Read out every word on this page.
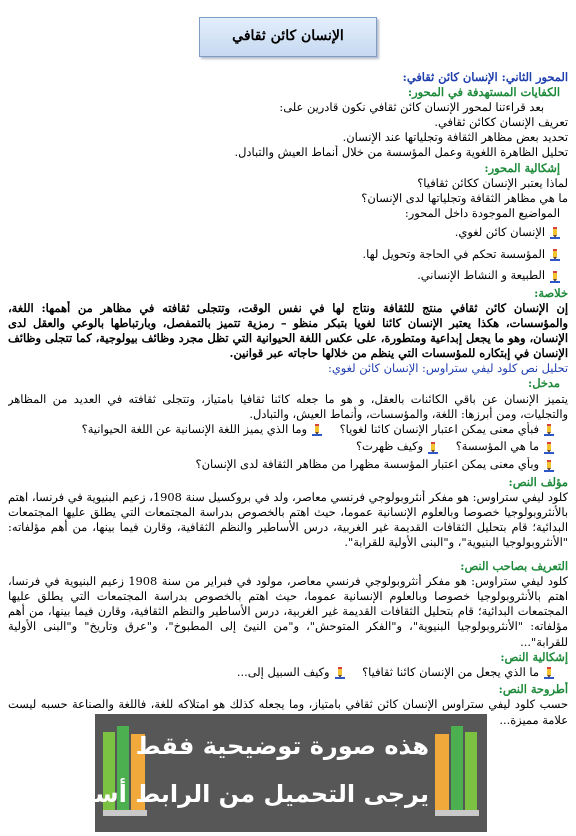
الإنسان كائن ثقافي

المحور الثاني: الإنسان كائن ثقافي:

الكفايات المستهدفة في المحور:

بعد قراءتنا لمحور الإنسان كائن ثقافي نكون قادرين على:

تعريف الإنسان ككائن ثقافي.

تحديد بعض مظاهر الثقافة وتجلياتها عند الإنسان.

تحليل الظاهرة اللغوية وعمل المؤسسة من خلال أنماط العيش والتبادل.

إشكالية المحور:

لماذا يعتبر الإنسان ككائن ثقافيا؟

ما هي مظاهر الثقافة وتجلياتها لدى الإنسان؟

المواضيع الموجودة داخل المحور:

الإنسان كائن لغوي.

المؤسسة تحكم في الحاجة وتحويل لها.

الطبيعة و النشاط الإنساني.

خلاصة:

إن الإنسان كائن ثقافي منتج للثقافة ونتاج لها في نفس الوقت، وتتجلى ثقافته في مظاهر من أهمها: اللغة، والمؤسسات، هكذا يعتبر الإنسان كائنا لغويا بتبكر منظو – رمزية تتميز بالتمفصل، وبارتباطها بالوعي والعقل لدى الإنسان، وهو ما يجعل إبداعية ومتطورة، على عكس اللغة الحيوانية التي تظل مجرد وظائف بيولوجية، كما تتجلى وظائف الإنسان في إبتكاره للمؤسسات التي ينظم من خلالها حاجاته عبر قوانين.

تحليل نص كلود ليفي ستراوس: الإنسان كائن لغوي:

مدخل:

يتميز الإنسان عن باقي الكائنات بالعقل، و هو ما جعله كائنا ثقافيا بامتياز، وتتجلى ثقافته في العديد من المظاهر والتجليات، ومن أبرزها: اللغة، والمؤسسات، وأنماط العيش، والتبادل.

فبأي معنى يمكن اعتبار الإنسان كائنا لغويا؟

وما الذي يميز اللغة الإنسانية عن اللغة الحيوانية؟

ما هي المؤسسة؟

وكيف ظهرت؟

وبأي معنى يمكن اعتبار المؤسسة مظهرا من مظاهر الثقافة لدى الإنسان؟

مؤلف النص:

كلود ليفي ستراوس: هو مفكر أنثروبولوجي فرنسي معاصر، ولد في بروكسيل سنة 1908، زعيم البنيوية في فرنسا، اهتم بالأنثروبولوجيا خصوصا وبالعلوم الإنسانية عموما، حيث اهتم بالخصوص بدراسة المجتمعات التي يطلق عليها المجتمعات البدائية؛ قام بتحليل الثقافات القديمة غير الغربية، درس الأساطير والنظم الثقافية، وقارن فيما بينها، من أهم مؤلفاته: "الأنثروبولوجيا البنيوية"، و"البنى الأولية للقرابة".

التعريف بصاحب النص:

كلود ليفي ستراوس: هو مفكر أنثروبولوجي فرنسي معاصر، مولود في فبراير من سنة 1908 زعيم البنيوية في فرنسا، اهتم بالأنثروبولوجيا خصوصا وبالعلوم الإنسانية عموما، حيث اهتم بالخصوص بدراسة المجتمعات التي يطلق عليها المجتمعات البدائية؛ قام بتحليل الثقافات القديمة غير الغربية، درس الأساطير والنظم الثقافية، وقارن فيما بينها، من أهم مؤلفاته: "الأنثروبولوجيا البنيوية"، و"الفكر المتوحش"، و"من النيئ إلى المطبوخ"، و"عرق وتاريخ" و"البنى الأولية للقرابة"...

إشكالية النص:

ما الذي يجعل من الإنسان كائنا ثقافيا؟

وكيف السبيل إلى...

أطروحة النص:

حسب كلود ليفي ستراوس الإنسان كائن ثقافي بامتياز، وما يجعله كذلك هو امتلاكه للغة، فاللغة والصناعة حسبه ليست علامة مميزة...

هذه صورة توضيحية فقط
يرجى التحميل من الرابط أسفله
